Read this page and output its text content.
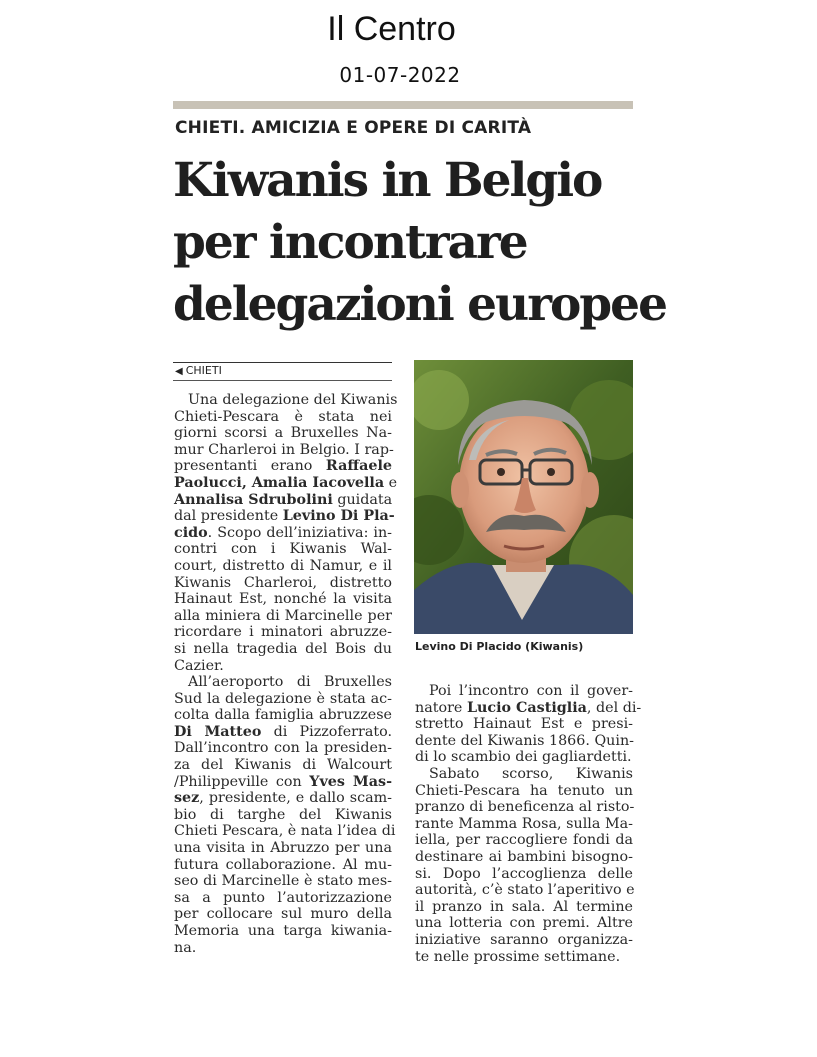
Il Centro
01-07-2022
CHIETI. AMICIZIA E OPERE DI CARITÀ
Kiwanis in Belgio
per incontrare
delegazioni europee
◀ CHIETI
Una delegazione del Kiwanis
Chieti-Pescara è stata nei
giorni scorsi a Bruxelles Na-
mur Charleroi in Belgio. I rap-
presentanti erano Raffaele
Paolucci, Amalia Iacovella e
Annalisa Sdrubolini guidata
dal presidente Levino Di Pla-
cido. Scopo dell’iniziativa: in-
contri con i Kiwanis Wal-
court, distretto di Namur, e il
Kiwanis Charleroi, distretto
Hainaut Est, nonché la visita
alla miniera di Marcinelle per
ricordare i minatori abruzze-
si nella tragedia del Bois du
Cazier.
All’aeroporto di Bruxelles
Sud la delegazione è stata ac-
colta dalla famiglia abruzzese
Di Matteo di Pizzoferrato.
Dall’incontro con la presiden-
za del Kiwanis di Walcourt
/Philippeville con Yves Mas-
sez, presidente, e dallo scam-
bio di targhe del Kiwanis
Chieti Pescara, è nata l’idea di
una visita in Abruzzo per una
futura collaborazione. Al mu-
seo di Marcinelle è stato mes-
sa a punto l’autorizzazione
per collocare sul muro della
Memoria una targa kiwania-
na.
Levino Di Placido (Kiwanis)
Poi l’incontro con il gover-
natore Lucio Castiglia, del di-
stretto Hainaut Est e presi-
dente del Kiwanis 1866. Quin-
di lo scambio dei gagliardetti.
Sabato scorso, Kiwanis
Chieti-Pescara ha tenuto un
pranzo di beneficenza al risto-
rante Mamma Rosa, sulla Ma-
iella, per raccogliere fondi da
destinare ai bambini bisogno-
si. Dopo l’accoglienza delle
autorità, c’è stato l’aperitivo e
il pranzo in sala. Al termine
una lotteria con premi. Altre
iniziative saranno organizza-
te nelle prossime settimane.
